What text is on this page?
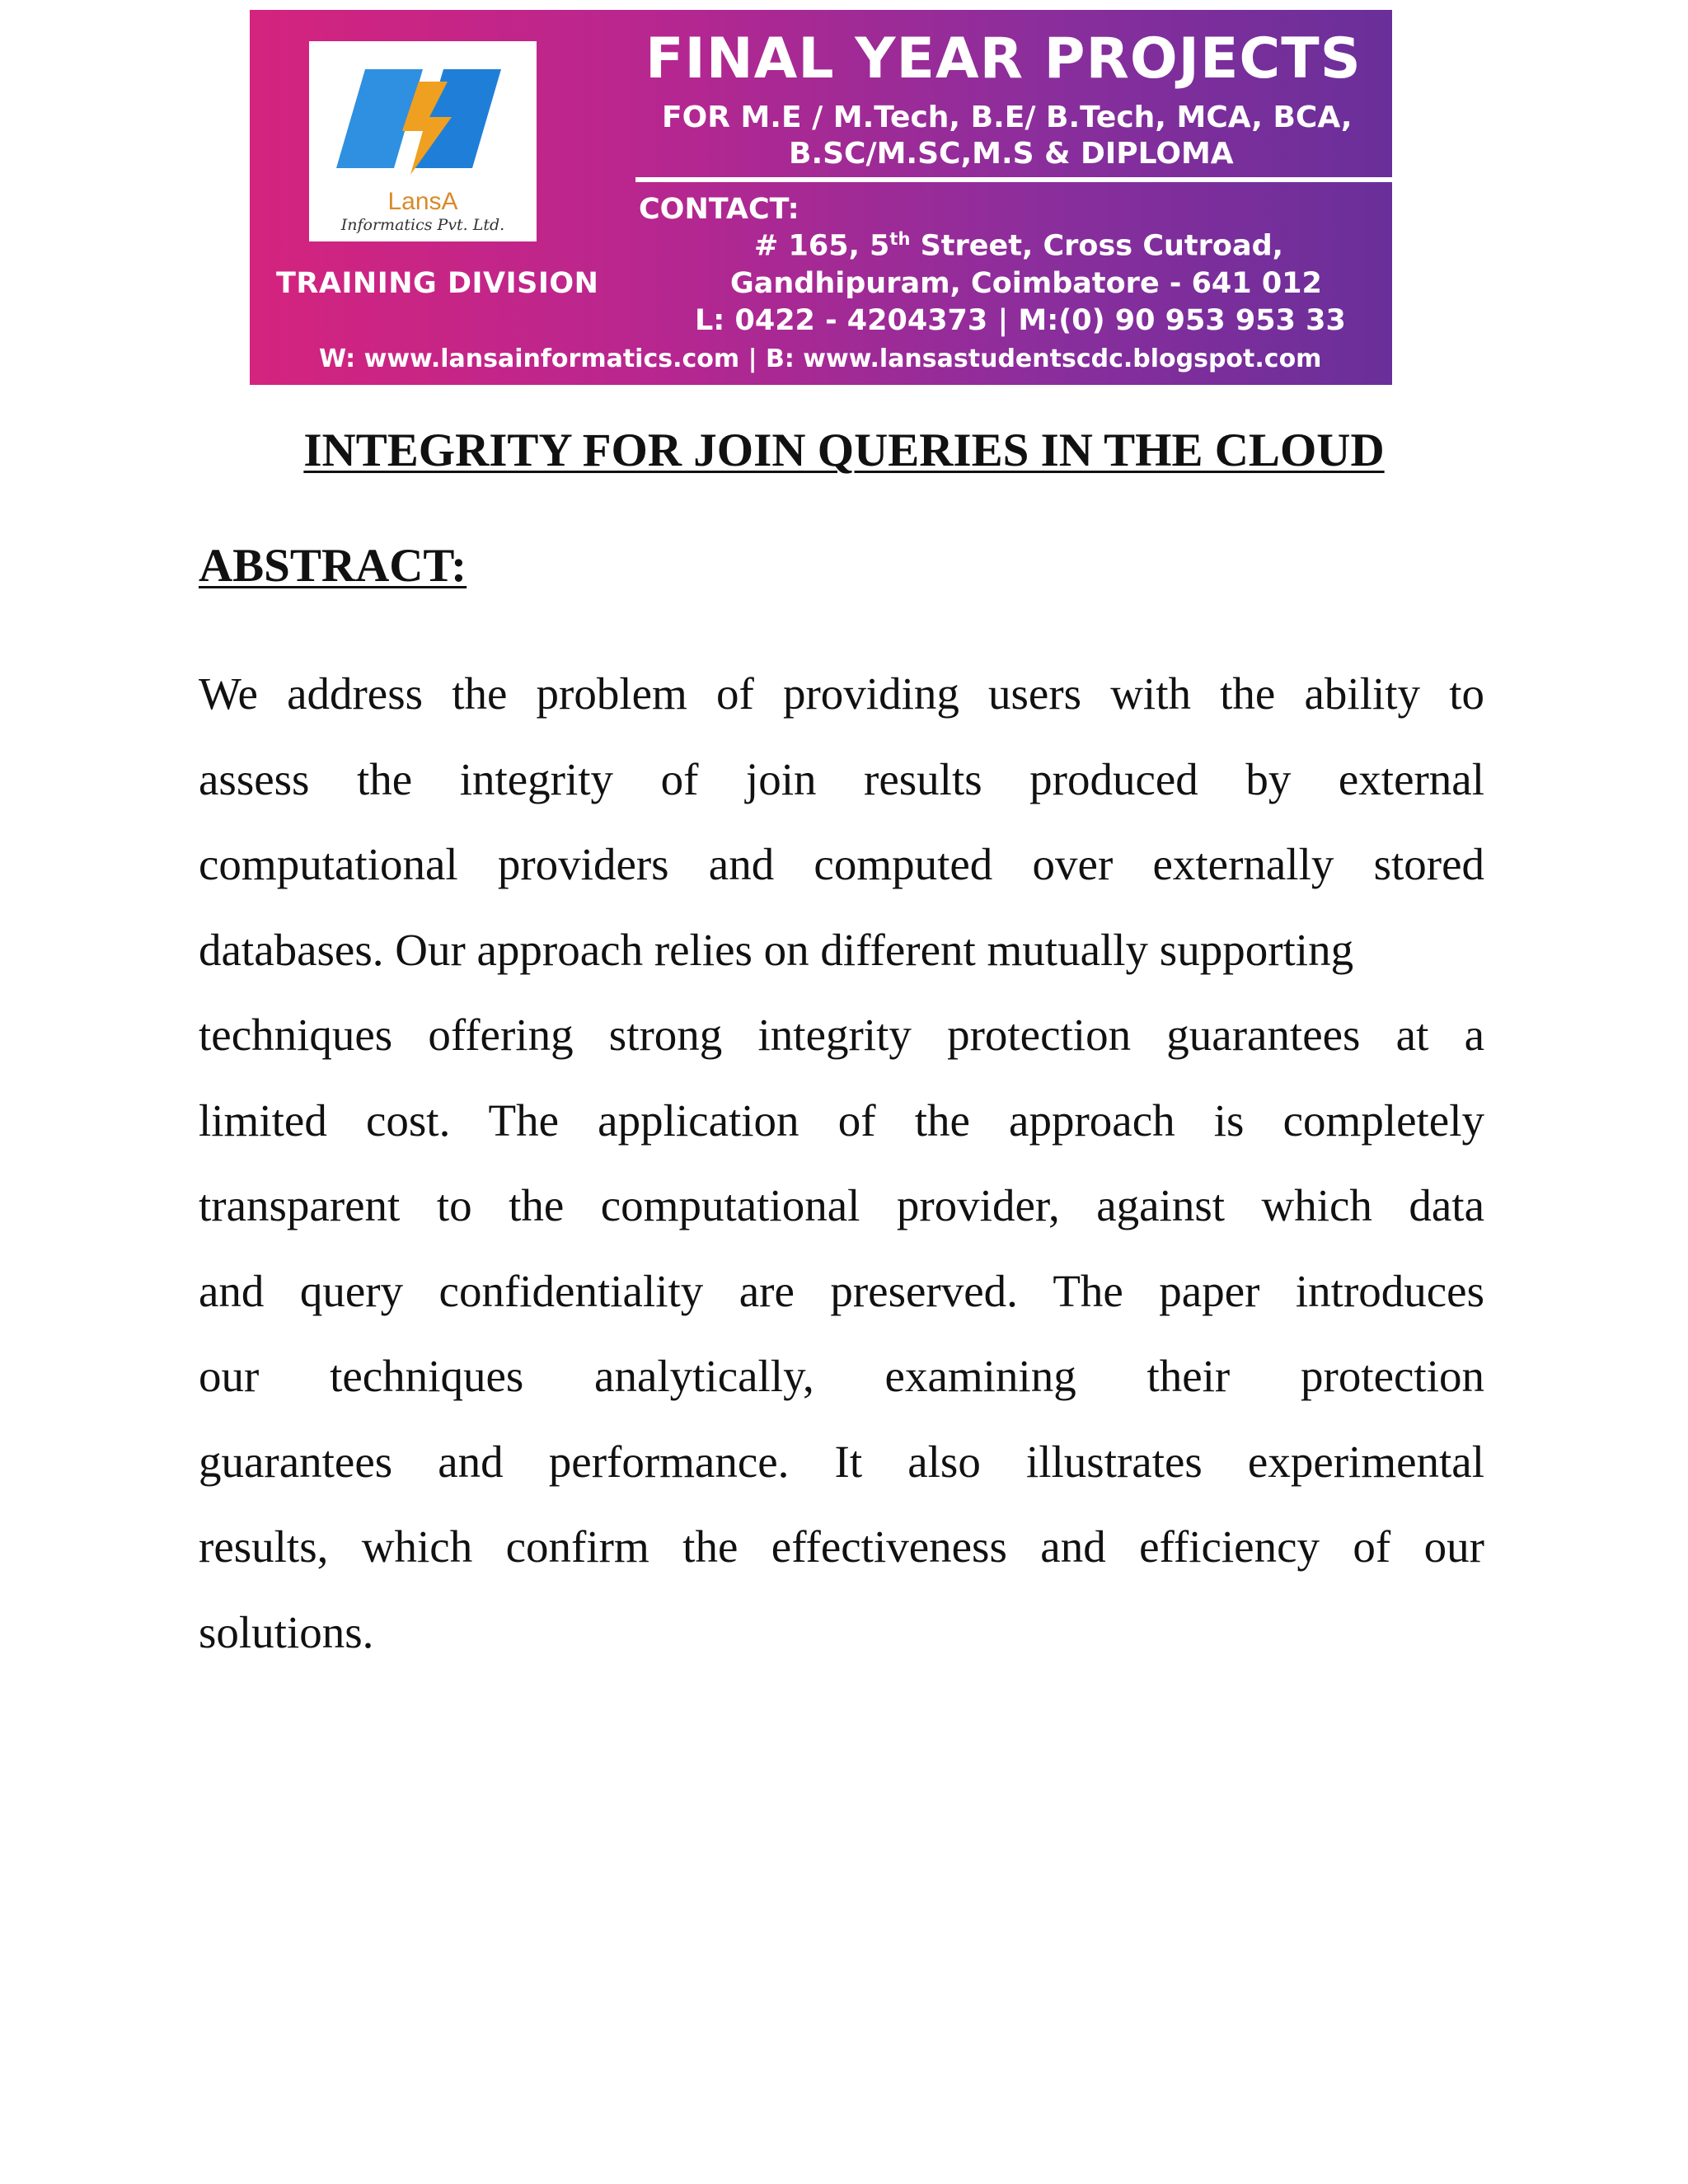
LansA
Informatics Pvt. Ltd.
TRAINING DIVISION
FINAL YEAR PROJECTS
FOR M.E / M.Tech, B.E/ B.Tech, MCA, BCA,
B.SC/M.SC,M.S & DIPLOMA
CONTACT:
# 165, 5th Street, Cross Cutroad,
Gandhipuram, Coimbatore - 641 012
L: 0422 - 4204373 | M:(0) 90 953 953 33
W: www.lansainformatics.com | B: www.lansastudentscdc.blogspot.com
INTEGRITY FOR JOIN QUERIES IN THE CLOUD
ABSTRACT:
We address the problem of providing users with the ability to
assess the integrity of join results produced by external
computational providers and computed over externally stored
databases. Our approach relies on different mutually supporting
techniques offering strong integrity protection guarantees at a
limited cost. The application of the approach is completely
transparent to the computational provider, against which data
and query confidentiality are preserved. The paper introduces
our techniques analytically, examining their protection
guarantees and performance. It also illustrates experimental
results, which confirm the effectiveness and efficiency of our
solutions.
